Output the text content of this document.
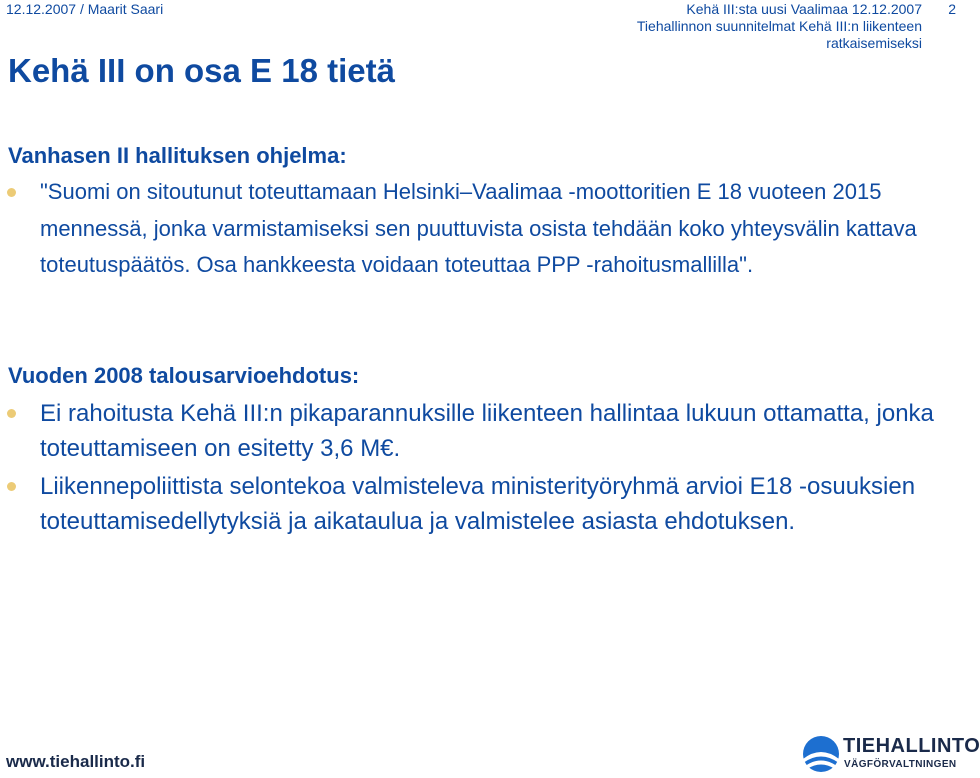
12.12.2007 / Maarit Saari	Kehä III:sta uusi Vaalimaa 12.12.2007
Tiehallinnon suunnitelmat Kehä III:n liikenteen
ratkaisemiseksi
2
Kehä III on osa E 18 tietä
Vanhasen II hallituksen ohjelma:
"Suomi on sitoutunut toteuttamaan Helsinki–Vaalimaa -moottoritien E 18 vuoteen 2015 mennessä, jonka varmistamiseksi sen puuttuvista osista tehdään koko yhteysvälin kattava toteutuspäätös. Osa hankkeesta voidaan toteuttaa PPP -rahoitusmallilla".
Vuoden 2008 talousarvioehdotus:
Ei rahoitusta Kehä III:n pikaparannuksille liikenteen hallintaa lukuun ottamatta, jonka toteuttamiseen on esitetty 3,6 M€.
Liikennepoliittista selontekoa valmisteleva ministerityöryhmä arvioi E18 -osuuksien toteuttamisedellytyksiä ja aikataulua ja valmistelee asiasta ehdotuksen.
www.tiehallinto.fi
TIEHALLINTO
VÄGFÖRVALTNINGEN
